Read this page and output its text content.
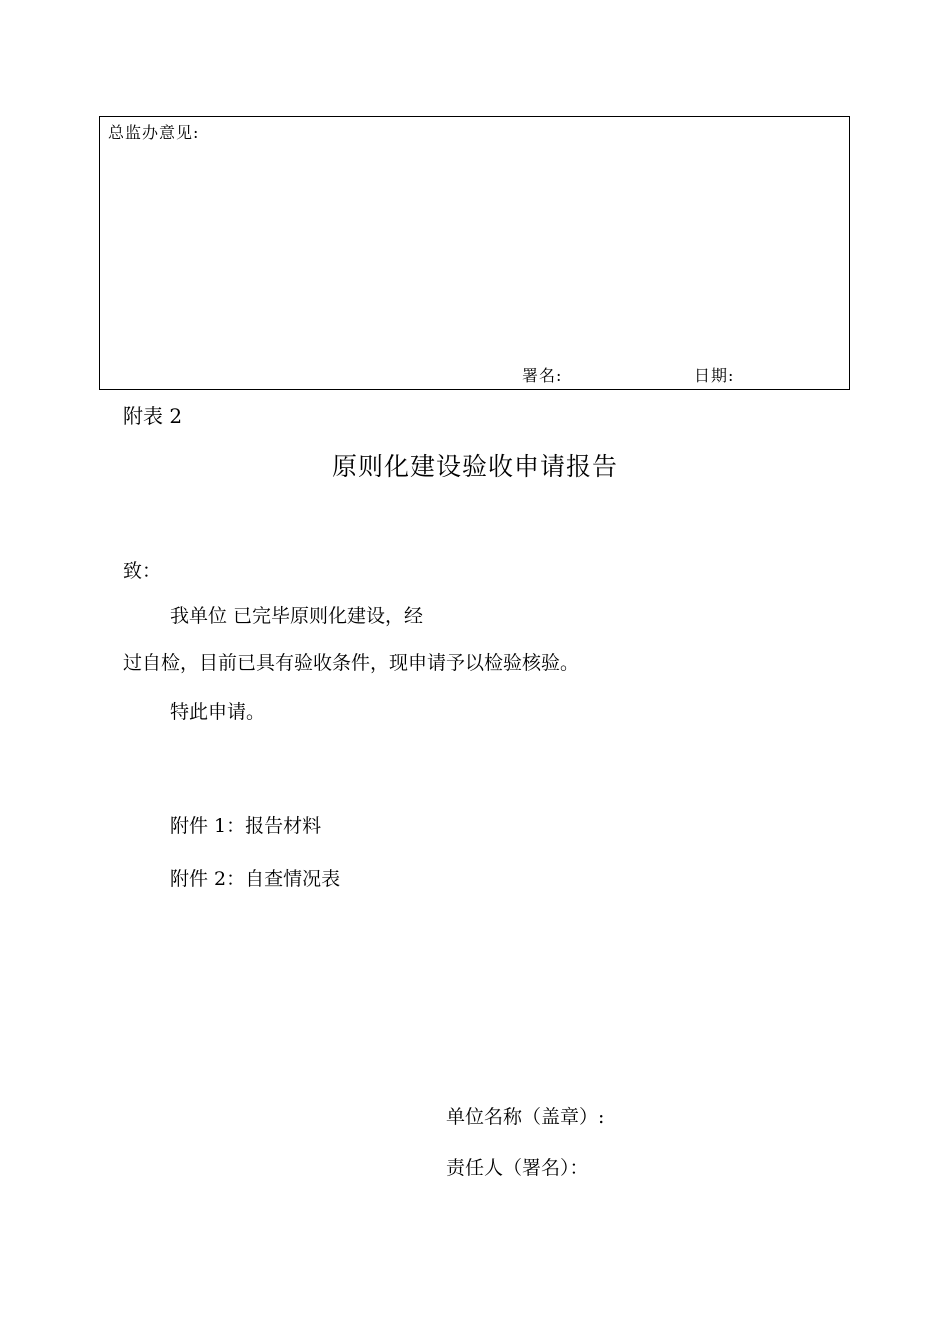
总监办意见:
署名:	日期:
附表 2
原则化建设验收申请报告
致：
我单位 已完毕原则化建设，经
过自检，目前已具有验收条件，现申请予以检验核验。
特此申请。
附件 1：报告材料
附件 2：自查情况表
单位名称（盖章）:
责任人（署名）：
